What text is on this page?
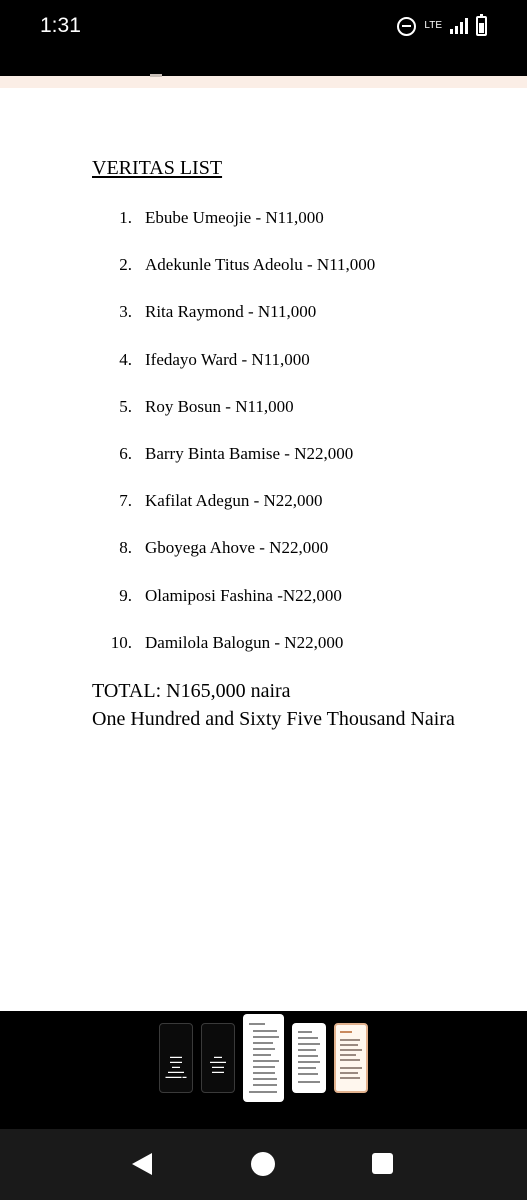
1:31	LTE
VERITAS LIST
1. Ebube Umeojie - N11,000
2. Adekunle Titus Adeolu - N11,000
3. Rita Raymond - N11,000
4. Ifedayo Ward - N11,000
5. Roy Bosun - N11,000
6. Barry Binta Bamise - N22,000
7. Kafilat Adegun - N22,000
8. Gboyega Ahove - N22,000
9. Olamiposi Fashina -N22,000
10. Damilola Balogun - N22,000
TOTAL: N165,000 naira
One Hundred and Sixty Five Thousand Naira
▬▬▬ ▬▬▬
▬▬ ▬▬▬▬
▬▬▬▬ ▬
▬▬ ▬▬▬▬
▬▬▬ ▬▬▬
